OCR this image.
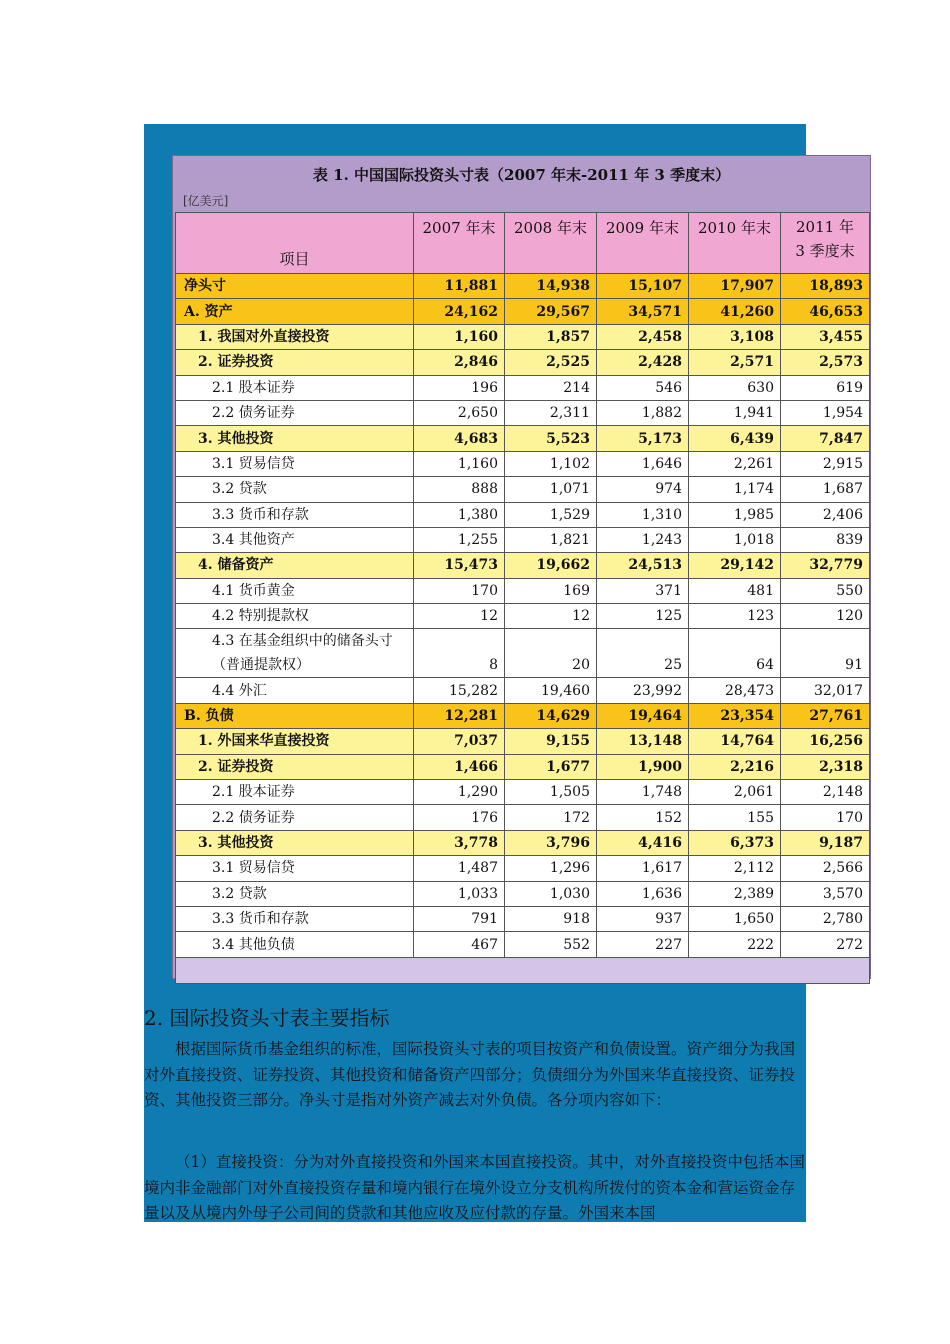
表 1. 中国国际投资头寸表（2007 年末-2011 年 3 季度末）
[亿美元]
项目	2007 年末	2008 年末	2009 年末	2010 年末	2011 年
3 季度末
净头寸	11,881	14,938	15,107	17,907	18,893
A. 资产	24,162	29,567	34,571	41,260	46,653
1. 我国对外直接投资	1,160	1,857	2,458	3,108	3,455
2. 证券投资	2,846	2,525	2,428	2,571	2,573
2.1 股本证券	196	214	546	630	619
2.2 债务证券	2,650	2,311	1,882	1,941	1,954
3. 其他投资	4,683	5,523	5,173	6,439	7,847
3.1 贸易信贷	1,160	1,102	1,646	2,261	2,915
3.2 贷款	888	1,071	974	1,174	1,687
3.3 货币和存款	1,380	1,529	1,310	1,985	2,406
3.4 其他资产	1,255	1,821	1,243	1,018	839
4. 储备资产	15,473	19,662	24,513	29,142	32,779
4.1 货币黄金	170	169	371	481	550
4.2 特别提款权	12	12	125	123	120
4.3 在基金组织中的储备头寸（普通提款权）	8	20	25	64	91
4.4 外汇	15,282	19,460	23,992	28,473	32,017
B. 负债	12,281	14,629	19,464	23,354	27,761
1. 外国来华直接投资	7,037	9,155	13,148	14,764	16,256
2. 证券投资	1,466	1,677	1,900	2,216	2,318
2.1 股本证券	1,290	1,505	1,748	2,061	2,148
2.2 债务证券	176	172	152	155	170
3. 其他投资	3,778	3,796	4,416	6,373	9,187
3.1 贸易信贷	1,487	1,296	1,617	2,112	2,566
3.2 贷款	1,033	1,030	1,636	2,389	3,570
3.3 货币和存款	791	918	937	1,650	2,780
3.4 其他负债	467	552	227	222	272

2. 国际投资头寸表主要指标

根据国际货币基金组织的标准，国际投资头寸表的项目按资产和负债设置。资产细分为我国对外直接投资、证券投资、其他投资和储备资产四部分；负债细分为外国来华直接投资、证券投资、其他投资三部分。净头寸是指对外资产减去对外负债。各分项内容如下：

（1）直接投资：分为对外直接投资和外国来本国直接投资。其中，对外直接投资中包括本国境内非金融部门对外直接投资存量和境内银行在境外设立分支机构所拨付的资本金和营运资金存量以及从境内外母子公司间的贷款和其他应收及应付款的存量。外国来本国
